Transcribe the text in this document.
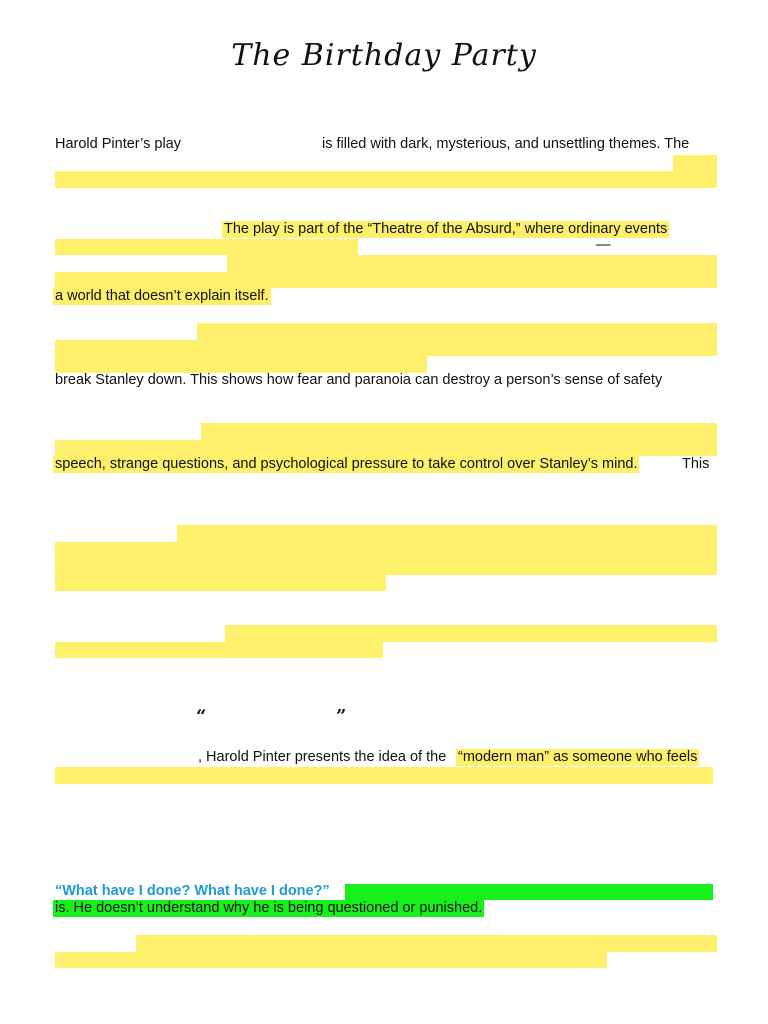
The Birthday Party
Harold Pinter’s play	is filled with dark, mysterious, and unsettling themes. The
The play is part of the “Theatre of the Absurd,” where ordinary events
—
a world that doesn’t explain itself.
break Stanley down. This shows how fear and paranoia can destroy a person’s sense of safety
speech, strange questions, and psychological pressure to take control over Stanley’s mind.	This
“	”
, Harold Pinter presents the idea of the “modern man” as someone who feels
“What have I done? What have I done?”
is. He doesn’t understand why he is being questioned or punished.
